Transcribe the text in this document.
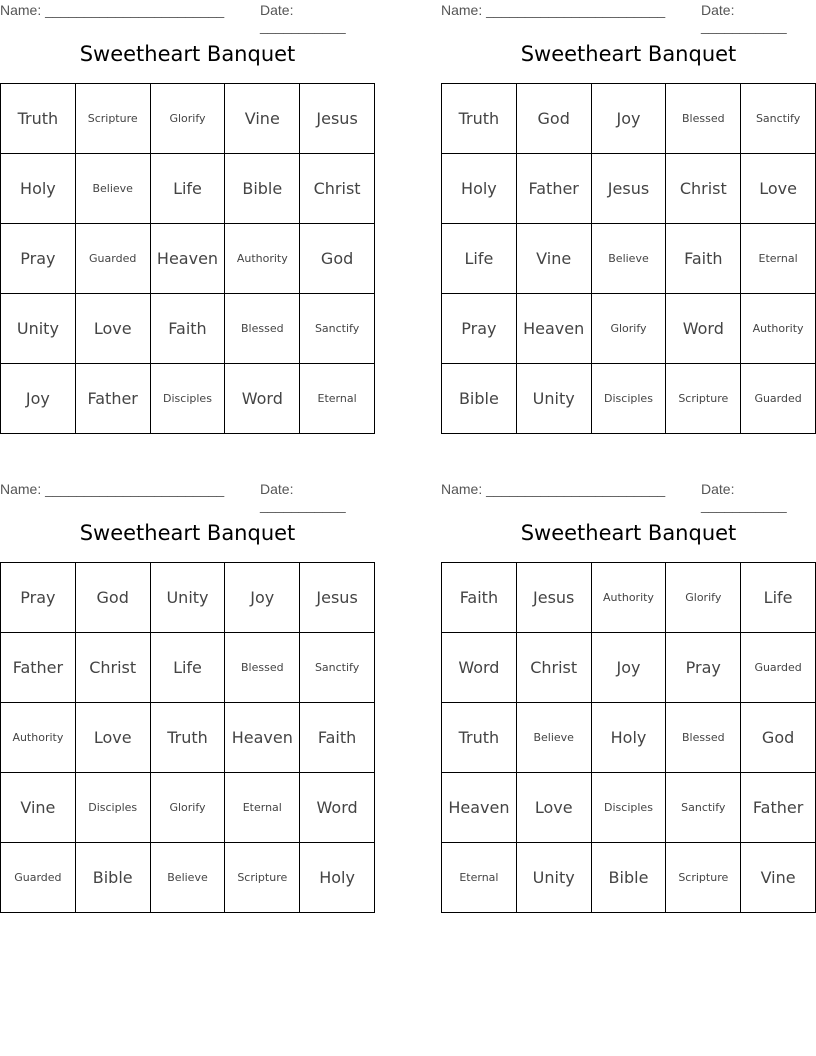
Name: _______________________	Date: ___________
Sweetheart Banquet
Truth	Scripture	Glorify	Vine	Jesus
Holy	Believe	Life	Bible	Christ
Pray	Guarded	Heaven	Authority	God
Unity	Love	Faith	Blessed	Sanctify
Joy	Father	Disciples	Word	Eternal
Name: _______________________	Date: ___________
Sweetheart Banquet
Truth	God	Joy	Blessed	Sanctify
Holy	Father	Jesus	Christ	Love
Life	Vine	Believe	Faith	Eternal
Pray	Heaven	Glorify	Word	Authority
Bible	Unity	Disciples	Scripture	Guarded
Name: _______________________	Date: ___________
Sweetheart Banquet
Pray	God	Unity	Joy	Jesus
Father	Christ	Life	Blessed	Sanctify
Authority	Love	Truth	Heaven	Faith
Vine	Disciples	Glorify	Eternal	Word
Guarded	Bible	Believe	Scripture	Holy
Name: _______________________	Date: ___________
Sweetheart Banquet
Faith	Jesus	Authority	Glorify	Life
Word	Christ	Joy	Pray	Guarded
Truth	Believe	Holy	Blessed	God
Heaven	Love	Disciples	Sanctify	Father
Eternal	Unity	Bible	Scripture	Vine
